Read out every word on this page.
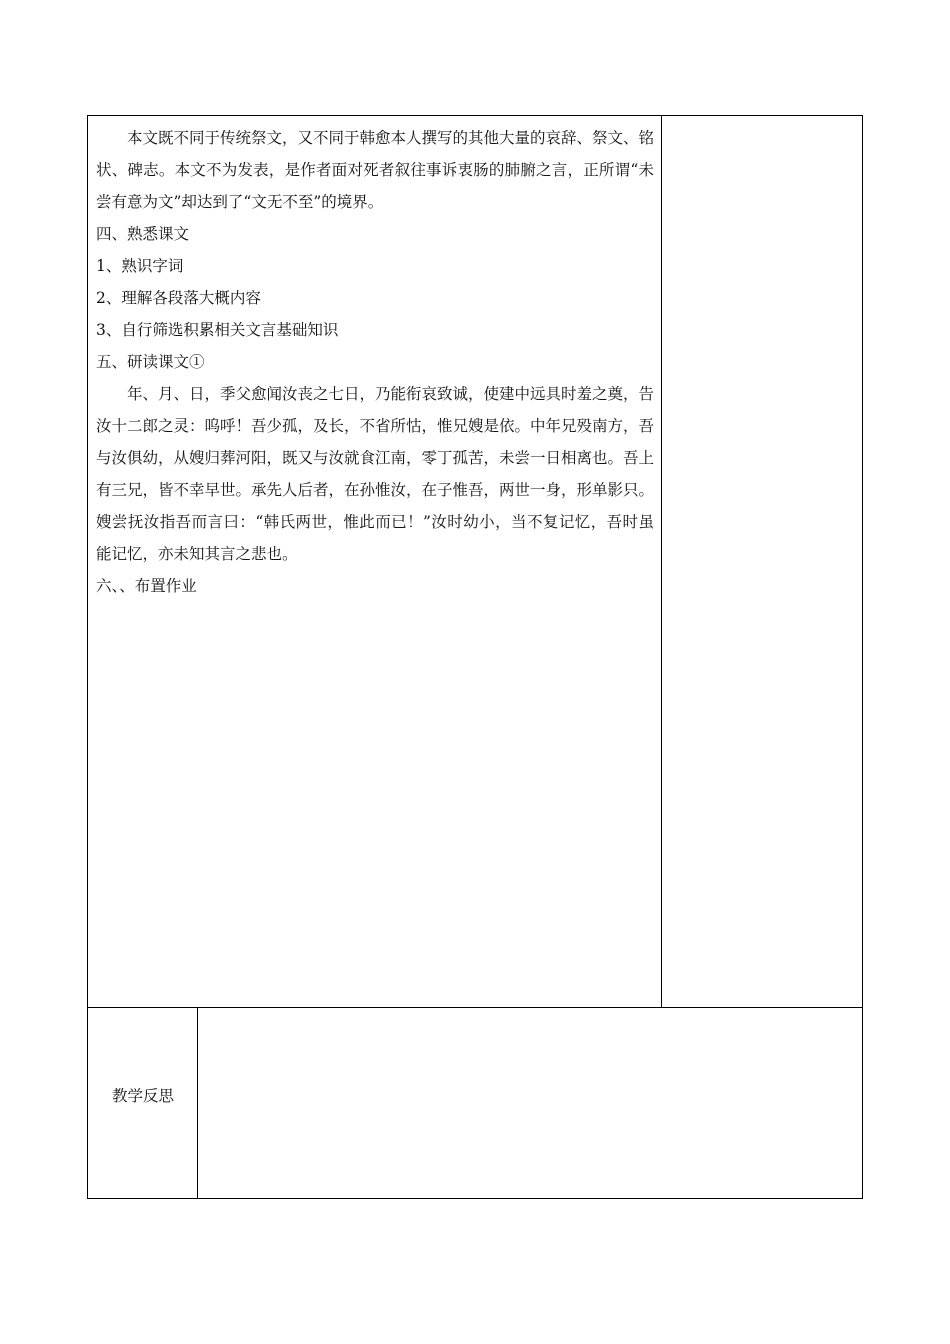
本文既不同于传统祭文，又不同于韩愈本人撰写的其他大量的哀辞、祭文、铭状、碑志。本文不为发表，是作者面对死者叙往事诉衷肠的肺腑之言，正所谓“未尝有意为文”却达到了“文无不至”的境界。

四、熟悉课文

1、熟识字词

2、理解各段落大概内容

3、自行筛选积累相关文言基础知识

五、研读课文①

年、月、日，季父愈闻汝丧之七日，乃能衔哀致诚，使建中远具时羞之奠，告汝十二郎之灵：呜呼！吾少孤，及长，不省所怙，惟兄嫂是依。中年兄殁南方，吾与汝俱幼，从嫂归葬河阳，既又与汝就食江南，零丁孤苦，未尝一日相离也。吾上有三兄，皆不幸早世。承先人后者，在孙惟汝，在子惟吾，两世一身，形单影只。嫂尝抚汝指吾而言曰：“韩氏两世，惟此而已！”汝时幼小，当不复记忆，吾时虽能记忆，亦未知其言之悲也。

六、、布置作业

教学反思
